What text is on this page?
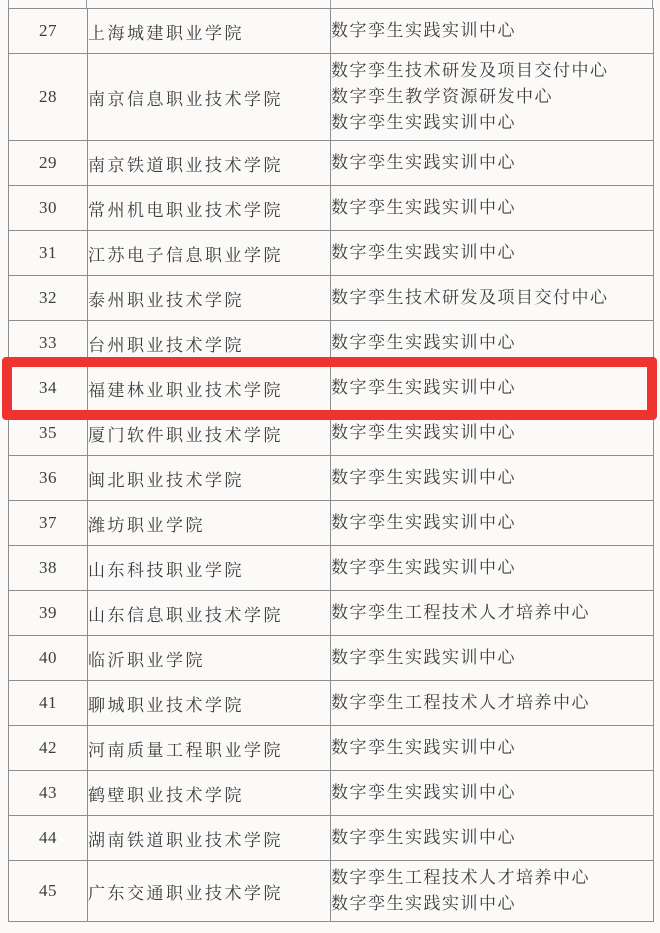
27	上海城建职业学院	数字孪生实践实训中心

28	南京信息职业技术学院	数字孪生技术研发及项目交付中心
数字孪生教学资源研发中心
数字孪生实践实训中心

29	南京铁道职业技术学院	数字孪生实践实训中心

30	常州机电职业技术学院	数字孪生实践实训中心

31	江苏电子信息职业学院	数字孪生实践实训中心

32	泰州职业技术学院	数字孪生技术研发及项目交付中心

33	台州职业技术学院	数字孪生实践实训中心

34	福建林业职业技术学院	数字孪生实践实训中心

35	厦门软件职业技术学院	数字孪生实践实训中心

36	闽北职业技术学院	数字孪生实践实训中心

37	潍坊职业学院	数字孪生实践实训中心

38	山东科技职业学院	数字孪生实践实训中心

39	山东信息职业技术学院	数字孪生工程技术人才培养中心

40	临沂职业学院	数字孪生实践实训中心

41	聊城职业技术学院	数字孪生工程技术人才培养中心

42	河南质量工程职业学院	数字孪生实践实训中心

43	鹤壁职业技术学院	数字孪生实践实训中心

44	湖南铁道职业技术学院	数字孪生实践实训中心

45	广东交通职业技术学院	数字孪生工程技术人才培养中心
数字孪生实践实训中心
